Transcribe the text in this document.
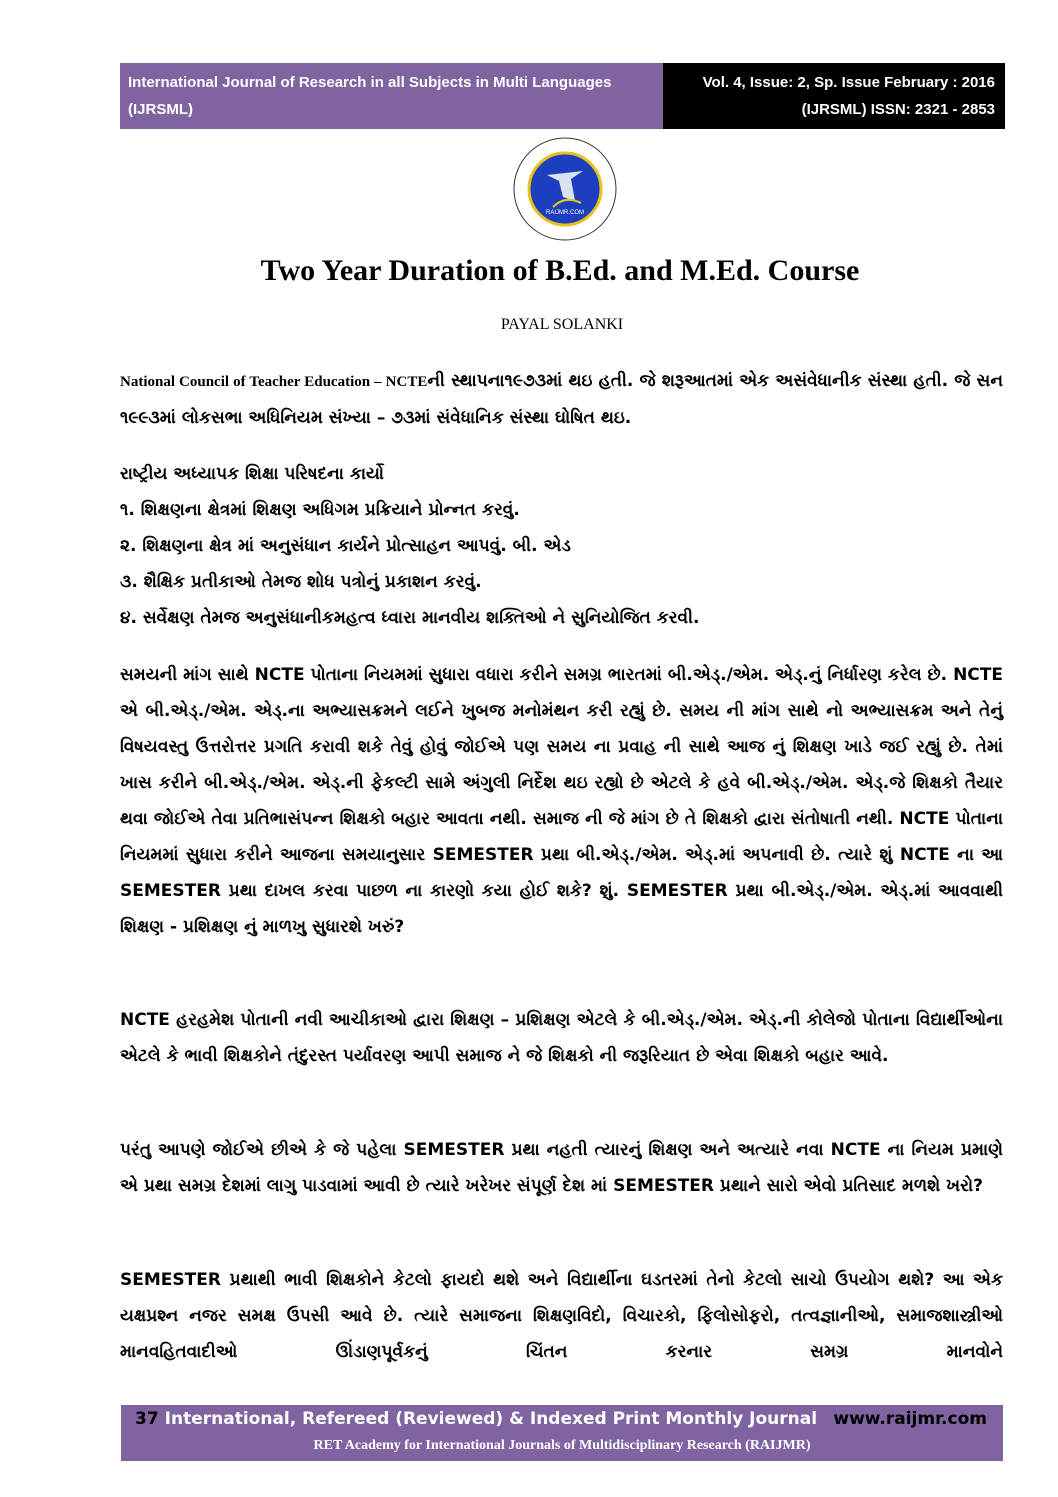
International Journal of Research in all Subjects in Multi Languages
(IJRSML)
Vol. 4, Issue: 2, Sp. Issue February : 2016
(IJRSML) ISSN: 2321 - 2853
RAIJMR.COM
Two Year Duration of B.Ed. and M.Ed. Course
PAYAL SOLANKI
National Council of Teacher Education – NCTEની સ્થાપના૧૯૭૩માં થઇ હતી. જે શરૂઆતમાં એક અસંવેધાનીક સંસ્થા હતી. જે સન ૧૯૯૩માં લોકસભા અધિનિયમ સંખ્યા – ૭૩માં સંવેધાનિક સંસ્થા ઘોષિત થઇ.
રાષ્ટ્રીય અધ્યાપક શિક્ષા પરિષદના કાર્યો
૧. શિક્ષણના ક્ષેત્રમાં શિક્ષણ અધિગમ પ્રક્રિયાને પ્રોન્નત કરવું.
૨. શિક્ષણના ક્ષેત્ર માં અનુસંધાન કાર્યને પ્રોત્સાહન આપવું. બી. એડ
૩. શૈક્ષિક પ્રતીકાઓ તેમજ શોધ પત્રોનું પ્રકાશન કરવું.
૪. સર્વેક્ષણ તેમજ અનુસંધાનીકમહત્વ ધ્વારા માનવીય શક્તિઓ ને સુનિયોજિત કરવી.
સમયની માંગ સાથે NCTE પોતાના નિયમમાં સુધારા વધારા કરીને સમગ્ર ભારતમાં બી.એડ્./એમ. એડ્.નું નિર્ધારણ કરેલ છે. NCTE એ બી.એડ્./એમ. એડ્.ના અભ્યાસક્રમને લઈને ખુબજ મનોમંથન કરી રહ્યું છે. સમય ની માંગ સાથે નો અભ્યાસક્રમ અને તેનું વિષયવસ્તુ ઉત્તરોત્તર પ્રગતિ કરાવી શકે તેવું હોવું જોઈએ પણ સમય ના પ્રવાહ ની સાથે આજ નું શિક્ષણ ખાડે જઈ રહ્યું છે. તેમાં ખાસ કરીને બી.એડ્./એમ. એડ્.ની ફેકલ્ટી સામે અંગુલી નિર્દેશ થઇ રહ્યો છે એટલે કે હવે બી.એડ્./એમ. એડ્.જે શિક્ષકો તૈયાર થવા જોઈએ તેવા પ્રતિભાસંપન્ન શિક્ષકો બહાર આવતા નથી. સમાજ ની જે માંગ છે તે શિક્ષકો દ્વારા સંતોષાતી નથી. NCTE પોતાના નિયમમાં સુધારા કરીને આજના સમયાનુસાર SEMESTER પ્રથા બી.એડ્./એમ. એડ્.માં અપનાવી છે. ત્યારે શું NCTE ના આ SEMESTER પ્રથા દાખલ કરવા પાછળ ના કારણો કયા હોઈ શકે? શું. SEMESTER પ્રથા બી.એડ્./એમ. એડ્.માં આવવાથી શિક્ષણ - પ્રશિક્ષણ નું માળખુ સુધારશે ખરું?
NCTE હરહમેશ પોતાની નવી આચીકાઓ દ્વારા શિક્ષણ – પ્રશિક્ષણ એટલે કે બી.એડ્./એમ. એડ્.ની કોલેજો પોતાના વિદ્યાર્થીઓના એટલે કે ભાવી શિક્ષકોને તંદુરસ્ત પર્યાવરણ આપી સમાજ ને જે શિક્ષકો ની જરૂરિયાત છે એવા શિક્ષકો બહાર આવે.
પરંતુ આપણે જોઈએ છીએ કે જે પહેલા SEMESTER પ્રથા નહતી ત્યારનું શિક્ષણ અને અત્યારે નવા NCTE ના નિયમ પ્રમાણે એ પ્રથા સમગ્ર દેશમાં લાગુ પાડવામાં આવી છે ત્યારે ખરેખર સંપૂર્ણ દેશ માં SEMESTER પ્રથાને સારો એવો પ્રતિસાદ મળશે ખરો?
SEMESTER પ્રથાથી ભાવી શિક્ષકોને કેટલો ફાયદો થશે અને વિદ્યાર્થીના ઘડતરમાં તેનો કેટલો સાચો ઉપયોગ થશે? આ એક યક્ષપ્રશ્ન નજર સમક્ષ ઉપસી આવે છે. ત્યારે સમાજના શિક્ષણવિદો, વિચારકો, ફિલોસોફરો, તત્વજ્ઞાનીઓ, સમાજશાસ્ત્રીઓ માનવહિતવાદીઓ ઊંડાણપૂર્વકનું ચિંતન કરનાર સમગ્ર માનવોને
37 International, Refereed (Reviewed) & Indexed Print Monthly Journal www.raijmr.com
RET Academy for International Journals of Multidisciplinary Research (RAIJMR)
